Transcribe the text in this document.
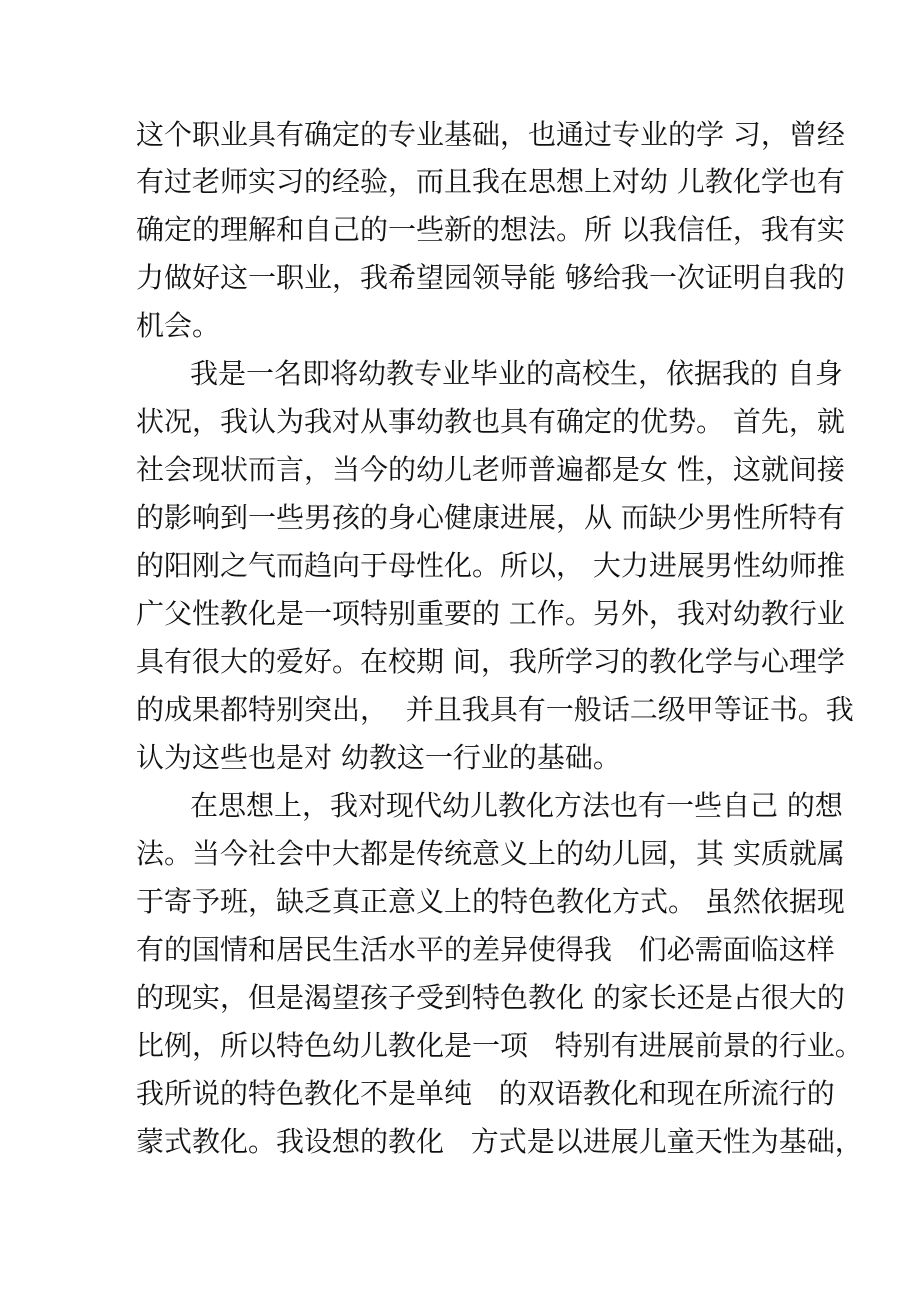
这个职业具有确定的专业基础，也通过专业的学 习，曾经
有过老师实习的经验，而且我在思想上对幼 儿教化学也有
确定的理解和自己的一些新的想法。所 以我信任，我有实
力做好这一职业，我希望园领导能 够给我一次证明自我的
机会。
我是一名即将幼教专业毕业的高校生，依据我的 自身
状况，我认为我对从事幼教也具有确定的优势。 首先，就
社会现状而言，当今的幼儿老师普遍都是女 性，这就间接
的影响到一些男孩的身心健康进展，从 而缺少男性所特有
的阳刚之气而趋向于母性化。所以， 大力进展男性幼师推
广父性教化是一项特别重要的 工作。另外，我对幼教行业
具有很大的爱好。在校期 间，我所学习的教化学与心理学
的成果都特别突出，  并且我具有一般话二级甲等证书。我
认为这些也是对 幼教这一行业的基础。
在思想上，我对现代幼儿教化方法也有一些自己 的想
法。当今社会中大都是传统意义上的幼儿园，其 实质就属
于寄予班，缺乏真正意义上的特色教化方式。 虽然依据现
有的国情和居民生活水平的差异使得我   们必需面临这样
的现实，但是渴望孩子受到特色教化 的家长还是占很大的
比例，所以特色幼儿教化是一项   特别有进展前景的行业。
我所说的特色教化不是单纯   的双语教化和现在所流行的
蒙式教化。我设想的教化   方式是以进展儿童天性为基础，
